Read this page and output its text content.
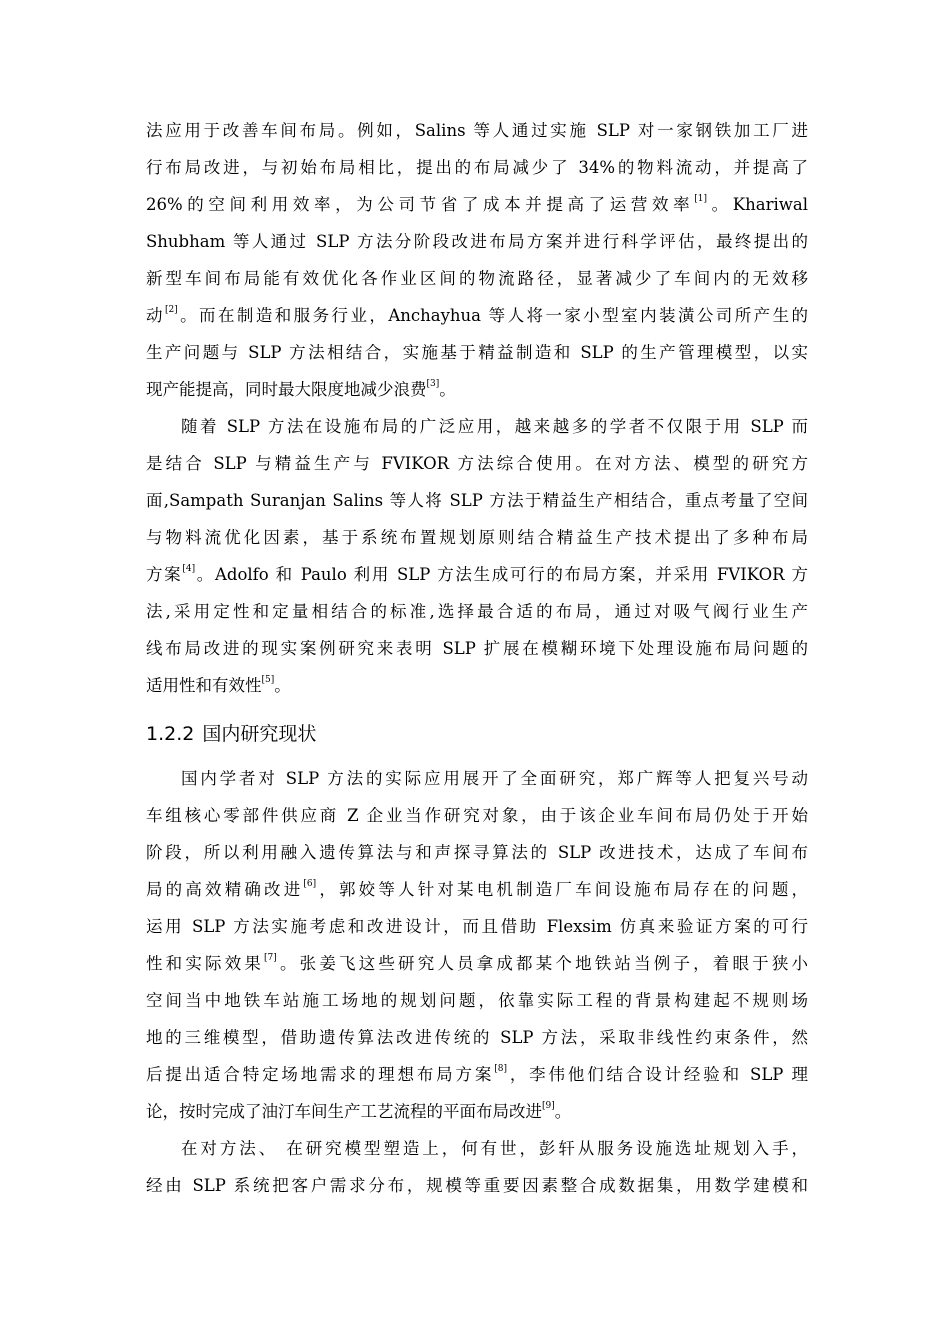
法应用于改善车间布局。例如，Salins 等人通过实施 SLP 对一家钢铁加工厂进
行布局改进，与初始布局相比，提出的布局减少了 34%的物料流动，并提高了
26%的空间利用效率，为公司节省了成本并提高了运营效率[1]。Khariwal
Shubham 等人通过 SLP 方法分阶段改进布局方案并进行科学评估，最终提出的
新型车间布局能有效优化各作业区间的物流路径，显著减少了车间内的无效移
动[2]。而在制造和服务行业，Anchayhua 等人将一家小型室内装潢公司所产生的
生产问题与 SLP 方法相结合，实施基于精益制造和 SLP 的生产管理模型，以实
现产能提高，同时最大限度地减少浪费[3]。

随着 SLP 方法在设施布局的广泛应用，越来越多的学者不仅限于用 SLP 而
是结合 SLP 与精益生产与 FVIKOR 方法综合使用。在对方法、模型的研究方
面,Sampath Suranjan Salins 等人将 SLP 方法于精益生产相结合，重点考量了空间
与物料流优化因素，基于系统布置规划原则结合精益生产技术提出了多种布局
方案[4]。Adolfo 和 Paulo 利用 SLP 方法生成可行的布局方案，并采用 FVIKOR 方
法,采用定性和定量相结合的标准,选择最合适的布局，通过对吸气阀行业生产
线布局改进的现实案例研究来表明 SLP 扩展在模糊环境下处理设施布局问题的
适用性和有效性[5]。

1.2.2 国内研究现状

国内学者对 SLP 方法的实际应用展开了全面研究，郑广辉等人把复兴号动
车组核心零部件供应商 Z 企业当作研究对象，由于该企业车间布局仍处于开始
阶段，所以利用融入遗传算法与和声探寻算法的 SLP 改进技术，达成了车间布
局的高效精确改进[6]，郭姣等人针对某电机制造厂车间设施布局存在的问题，
运用 SLP 方法实施考虑和改进设计，而且借助 Flexsim 仿真来验证方案的可行
性和实际效果[7]。张姜飞这些研究人员拿成都某个地铁站当例子，着眼于狭小
空间当中地铁车站施工场地的规划问题，依靠实际工程的背景构建起不规则场
地的三维模型，借助遗传算法改进传统的 SLP 方法，采取非线性约束条件，然
后提出适合特定场地需求的理想布局方案[8]，李伟他们结合设计经验和 SLP 理
论，按时完成了油汀车间生产工艺流程的平面布局改进[9]。

在对方法、 在研究模型塑造上，何有世，彭轩从服务设施选址规划入手，
经由 SLP 系统把客户需求分布，规模等重要因素整合成数据集，用数学建模和
